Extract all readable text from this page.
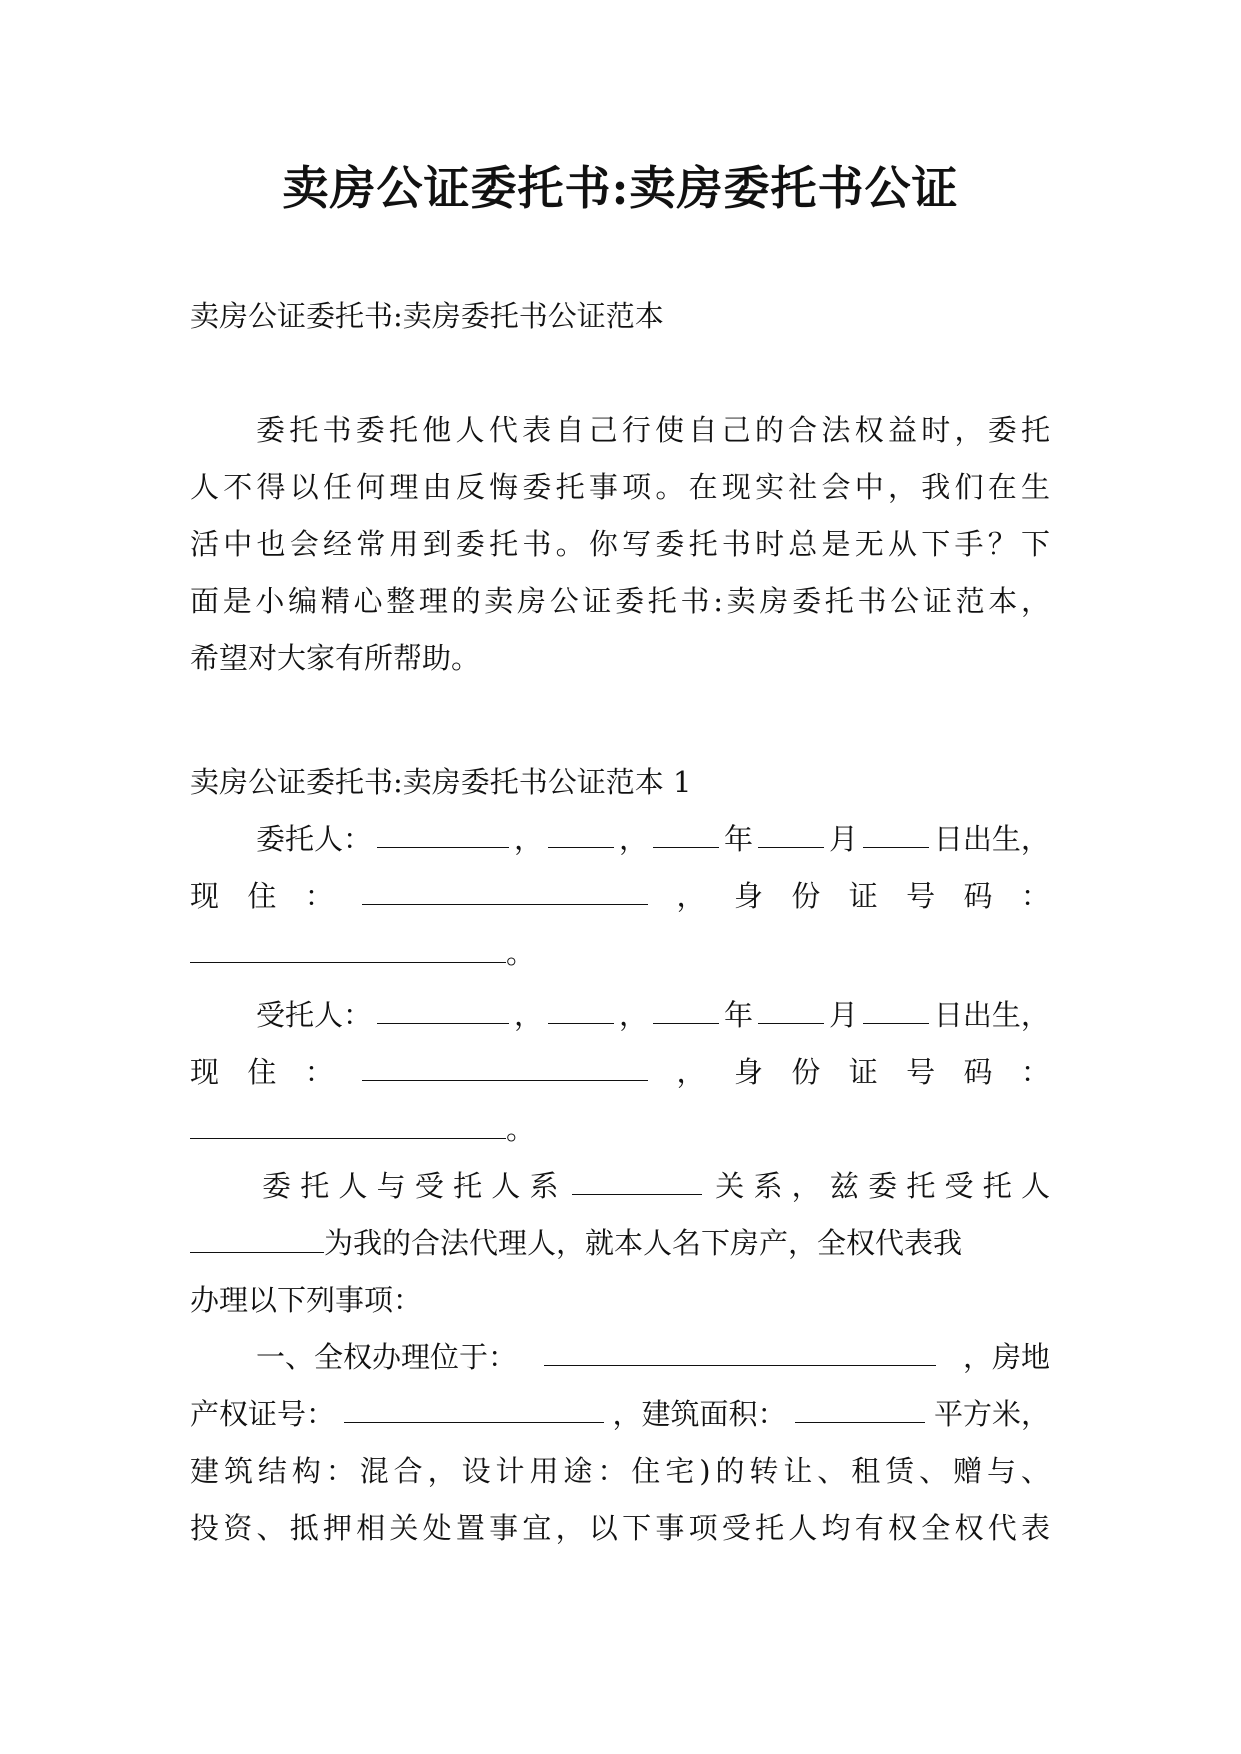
卖房公证委托书:卖房委托书公证
卖房公证委托书:卖房委托书公证范本
委托书委托他人代表自己行使自己的合法权益时，委托
人不得以任何理由反悔委托事项。在现实社会中，我们在生
活中也会经常用到委托书。你写委托书时总是无从下手？下
面是小编精心整理的卖房公证委托书:卖房委托书公证范本，
希望对大家有所帮助。
卖房公证委托书:卖房委托书公证范本 1
委托人：	，	，	年	月	日出生，
现 住 ：	， 身 份 证 号 码 ：
。
受托人：	，	，	年	月	日出生，
现 住 ：	， 身 份 证 号 码 ：
。
委 托 人 与 受 托 人 系	关 系 ， 兹 委 托 受 托 人
为我的合法代理人，就本人名下房产，全权代表我
办理以下列事项：
一、全权办理位于：	，房地
产权证号：	，建筑面积：	平方米，
建筑结构：混合，设计用途：住宅)的转让、租赁、赠与、
投资、抵押相关处置事宜，以下事项受托人均有权全权代表
